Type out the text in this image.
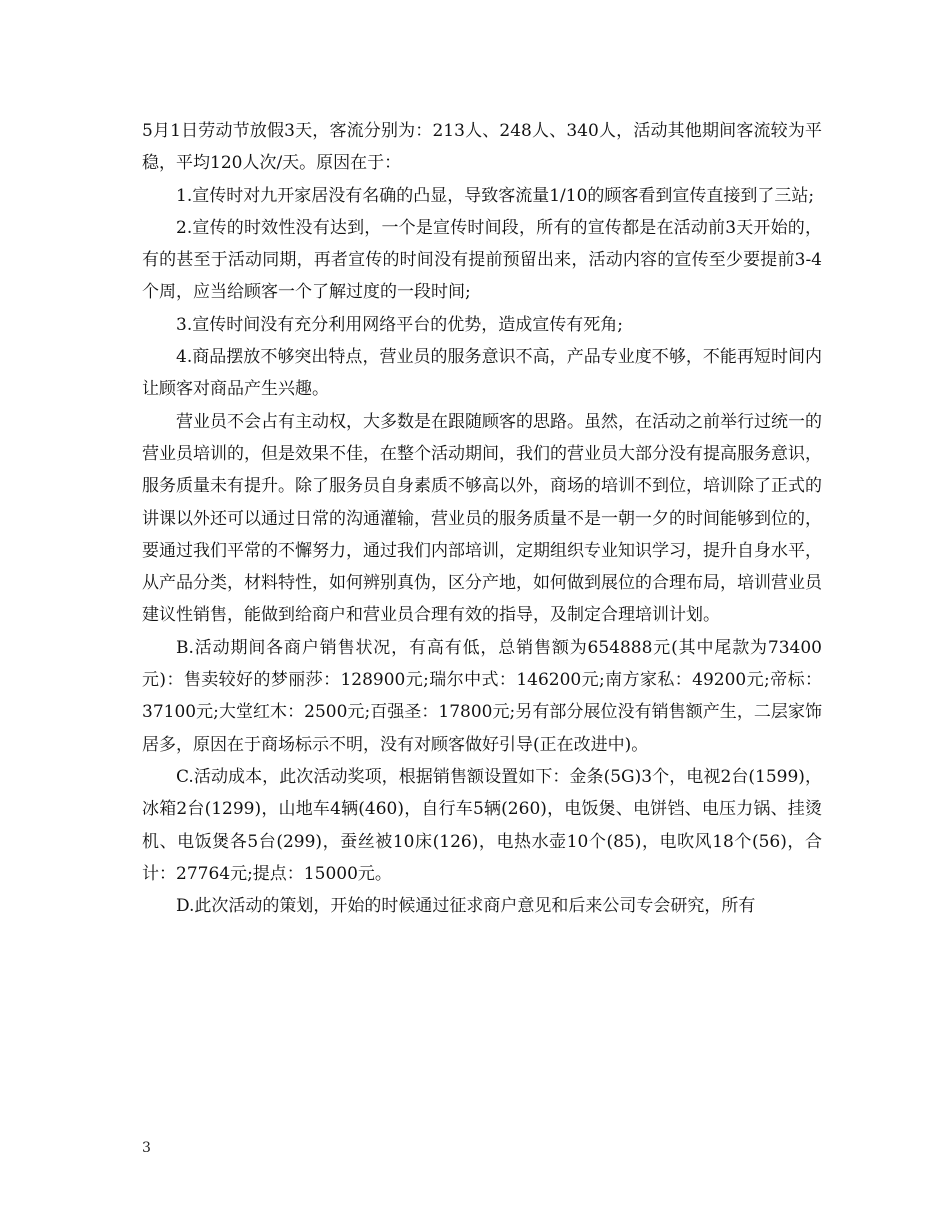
5月1日劳动节放假3天，客流分别为：213人、248人、340人，活动其他期间客流较为平稳，平均120人次/天。原因在于：

1.宣传时对九开家居没有名确的凸显，导致客流量1/10的顾客看到宣传直接到了三站;

2.宣传的时效性没有达到，一个是宣传时间段，所有的宣传都是在活动前3天开始的，有的甚至于活动同期，再者宣传的时间没有提前预留出来，活动内容的宣传至少要提前3-4个周，应当给顾客一个了解过度的一段时间;

3.宣传时间没有充分利用网络平台的优势，造成宣传有死角;

4.商品摆放不够突出特点，营业员的服务意识不高，产品专业度不够，不能再短时间内让顾客对商品产生兴趣。

营业员不会占有主动权，大多数是在跟随顾客的思路。虽然，在活动之前举行过统一的营业员培训的，但是效果不佳，在整个活动期间，我们的营业员大部分没有提高服务意识，服务质量未有提升。除了服务员自身素质不够高以外，商场的培训不到位，培训除了正式的讲课以外还可以通过日常的沟通灌输，营业员的服务质量不是一朝一夕的时间能够到位的，要通过我们平常的不懈努力，通过我们内部培训，定期组织专业知识学习，提升自身水平，从产品分类，材料特性，如何辨别真伪，区分产地，如何做到展位的合理布局，培训营业员建议性销售，能做到给商户和营业员合理有效的指导，及制定合理培训计划。

B.活动期间各商户销售状况，有高有低，总销售额为654888元(其中尾款为73400元)：售卖较好的梦丽莎：128900元;瑞尔中式：146200元;南方家私：49200元;帝标：37100元;大堂红木：2500元;百强圣：17800元;另有部分展位没有销售额产生，二层家饰居多，原因在于商场标示不明，没有对顾客做好引导(正在改进中)。

C.活动成本，此次活动奖项，根据销售额设置如下：金条(5G)3个，电视2台(1599)，冰箱2台(1299)，山地车4辆(460)，自行车5辆(260)，电饭煲、电饼铛、电压力锅、挂烫机、电饭煲各5台(299)，蚕丝被10床(126)，电热水壶10个(85)，电吹风18个(56)，合计：27764元;提点：15000元。

D.此次活动的策划，开始的时候通过征求商户意见和后来公司专会研究，所有

3
